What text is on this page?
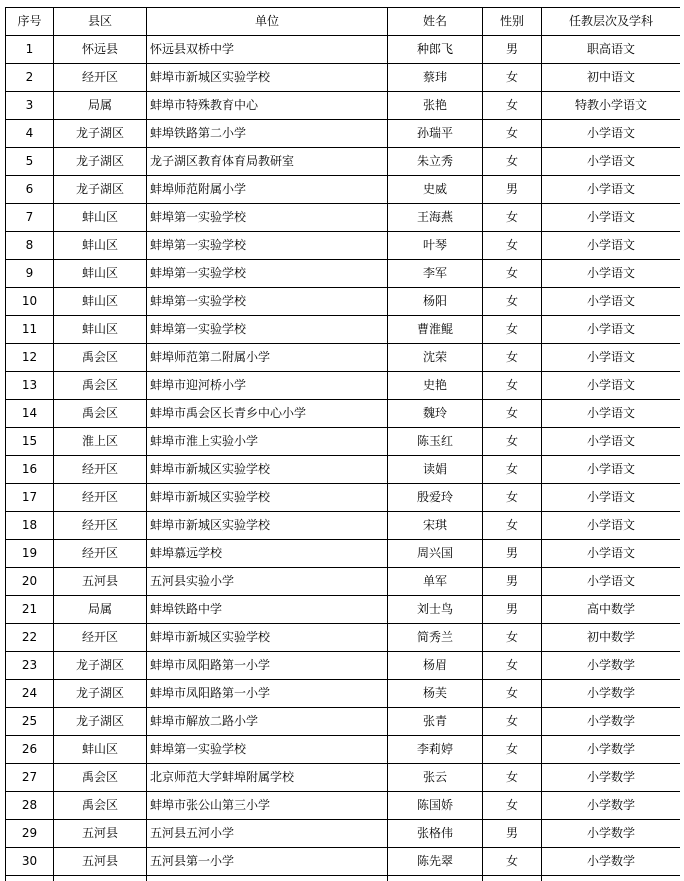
序号	县区	单位	姓名	性别	任教层次及学科
1	怀远县	怀远县双桥中学	种郎飞	男	职高语文
2	经开区	蚌埠市新城区实验学校	蔡玮	女	初中语文
3	局属	蚌埠市特殊教育中心	张艳	女	特教小学语文
4	龙子湖区	蚌埠铁路第二小学	孙瑞平	女	小学语文
5	龙子湖区	龙子湖区教育体育局教研室	朱立秀	女	小学语文
6	龙子湖区	蚌埠师范附属小学	史威	男	小学语文
7	蚌山区	蚌埠第一实验学校	王海燕	女	小学语文
8	蚌山区	蚌埠第一实验学校	叶琴	女	小学语文
9	蚌山区	蚌埠第一实验学校	李军	女	小学语文
10	蚌山区	蚌埠第一实验学校	杨阳	女	小学语文
11	蚌山区	蚌埠第一实验学校	曹淮鲲	女	小学语文
12	禹会区	蚌埠师范第二附属小学	沈荣	女	小学语文
13	禹会区	蚌埠市迎河桥小学	史艳	女	小学语文
14	禹会区	蚌埠市禹会区长青乡中心小学	魏玲	女	小学语文
15	淮上区	蚌埠市淮上实验小学	陈玉红	女	小学语文
16	经开区	蚌埠市新城区实验学校	读娟	女	小学语文
17	经开区	蚌埠市新城区实验学校	殷爱玲	女	小学语文
18	经开区	蚌埠市新城区实验学校	宋琪	女	小学语文
19	经开区	蚌埠慕远学校	周兴国	男	小学语文
20	五河县	五河县实验小学	单军	男	小学语文
21	局属	蚌埠铁路中学	刘士鸟	男	高中数学
22	经开区	蚌埠市新城区实验学校	简秀兰	女	初中数学
23	龙子湖区	蚌埠市凤阳路第一小学	杨眉	女	小学数学
24	龙子湖区	蚌埠市凤阳路第一小学	杨芙	女	小学数学
25	龙子湖区	蚌埠市解放二路小学	张青	女	小学数学
26	蚌山区	蚌埠第一实验学校	李莉婷	女	小学数学
27	禹会区	北京师范大学蚌埠附属学校	张云	女	小学数学
28	禹会区	蚌埠市张公山第三小学	陈国娇	女	小学数学
29	五河县	五河县五河小学	张格伟	男	小学数学
30	五河县	五河县第一小学	陈先翠	女	小学数学
